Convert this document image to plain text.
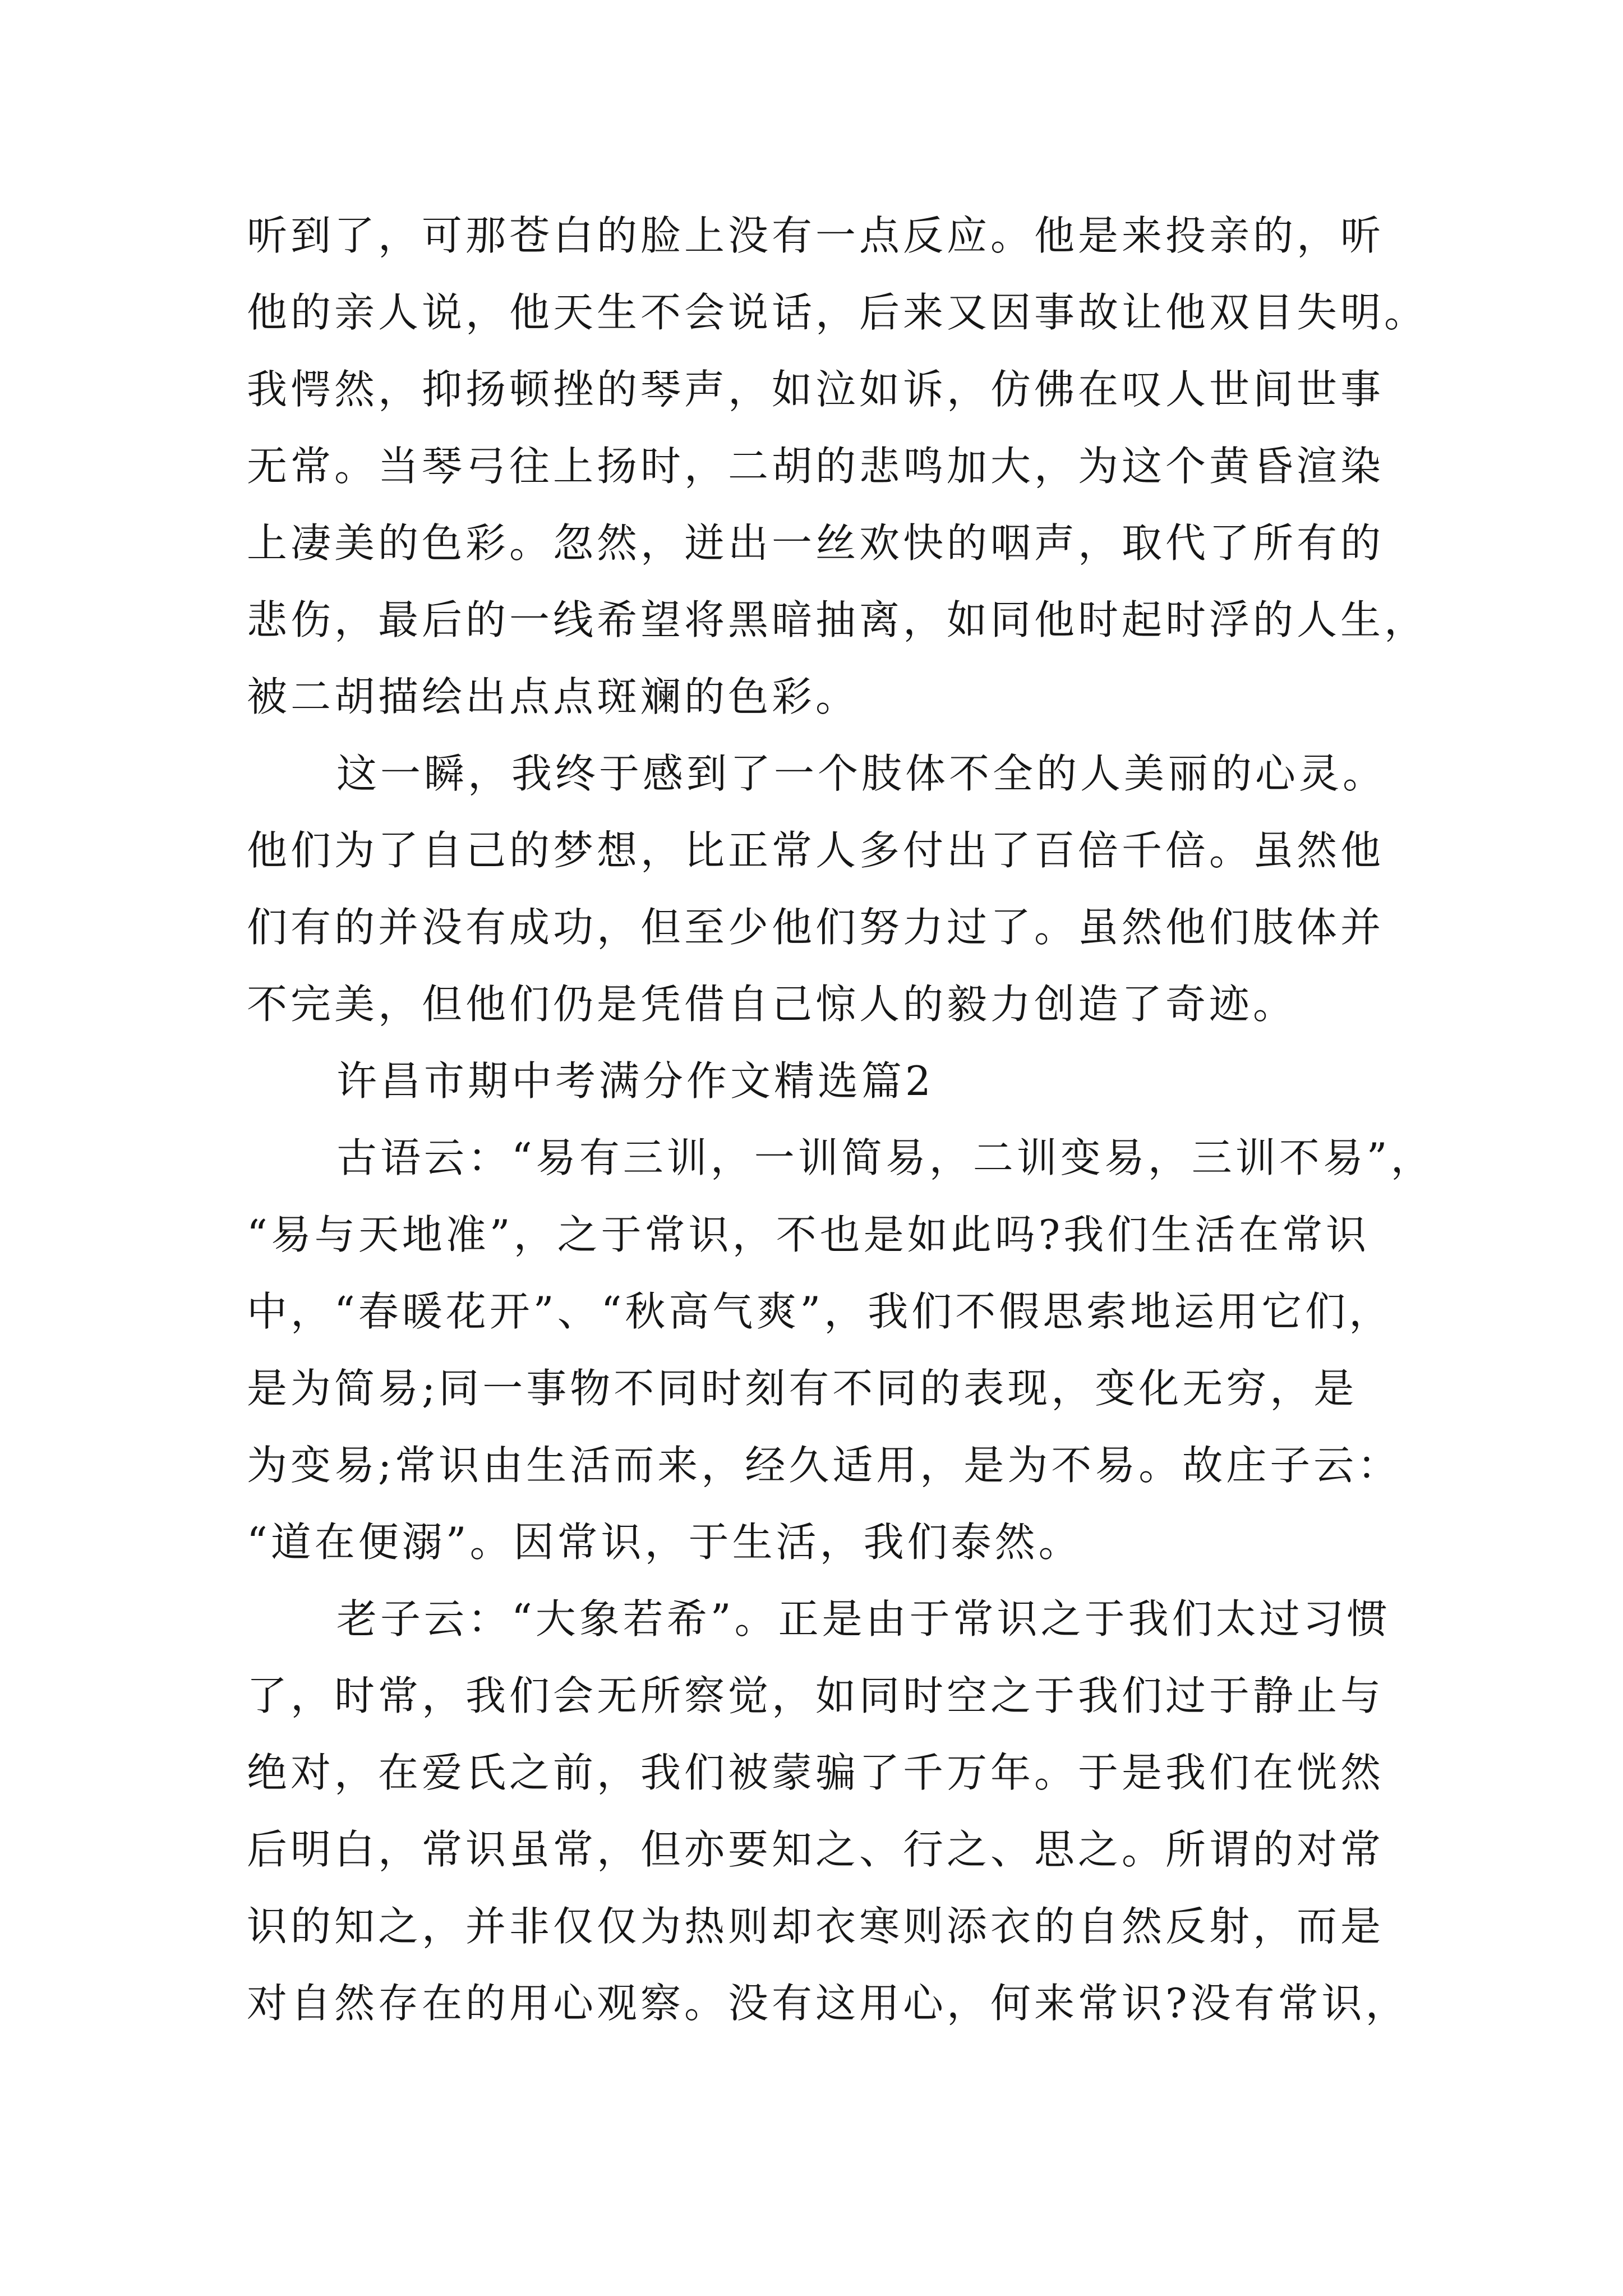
听到了，可那苍白的脸上没有一点反应。他是来投亲的，听
他的亲人说，他天生不会说话，后来又因事故让他双目失明。
我愕然，抑扬顿挫的琴声，如泣如诉，仿佛在叹人世间世事
无常。当琴弓往上扬时，二胡的悲鸣加大，为这个黄昏渲染
上凄美的色彩。忽然，迸出一丝欢快的咽声，取代了所有的
悲伤，最后的一线希望将黑暗抽离，如同他时起时浮的人生，
被二胡描绘出点点斑斓的色彩。
这一瞬，我终于感到了一个肢体不全的人美丽的心灵。
他们为了自己的梦想，比正常人多付出了百倍千倍。虽然他
们有的并没有成功，但至少他们努力过了。虽然他们肢体并
不完美，但他们仍是凭借自己惊人的毅力创造了奇迹。
许昌市期中考满分作文精选篇2
古语云：“易有三训，一训简易，二训变易，三训不易”，
“易与天地准”，之于常识，不也是如此吗?我们生活在常识
中，“春暖花开”、“秋高气爽”，我们不假思索地运用它们，
是为简易;同一事物不同时刻有不同的表现，变化无穷，是
为变易;常识由生活而来，经久适用，是为不易。故庄子云：
“道在便溺”。因常识，于生活，我们泰然。
老子云：“大象若希”。正是由于常识之于我们太过习惯
了，时常，我们会无所察觉，如同时空之于我们过于静止与
绝对，在爱氏之前，我们被蒙骗了千万年。于是我们在恍然
后明白，常识虽常，但亦要知之、行之、思之。所谓的对常
识的知之，并非仅仅为热则却衣寒则添衣的自然反射，而是
对自然存在的用心观察。没有这用心，何来常识?没有常识，
